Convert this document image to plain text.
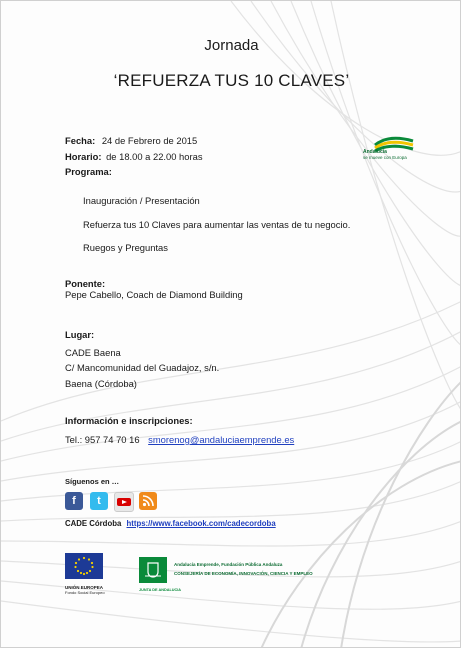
Jornada
‘REFUERZA TUS 10 CLAVES’
Andalucía
se mueve con Europa
Fecha: 24 de Febrero de 2015
Horario: de 18.00 a 22.00 horas
Programa:
Inauguración / Presentación
Refuerza tus 10 Claves para aumentar las ventas de tu negocio.
Ruegos y Preguntas
Ponente:
Pepe Cabello, Coach de Diamond Building
Lugar:
CADE Baena
C/ Mancomunidad del Guadajoz, s/n.
Baena (Córdoba)
Información e inscripciones:
Tel.: 957 74 70 16 smorenog@andaluciaemprende.es
Síguenos en …
f	t
CADE Córdoba https://www.facebook.com/cadecordoba
UNIÓN EUROPEA
Fondo Social Europeo	JUNTA DE ANDALUCIA
Andalucía Emprende, Fundación Pública Andaluza
CONSEJERÍA DE ECONOMÍA, INNOVACIÓN, CIENCIA Y EMPLEO
